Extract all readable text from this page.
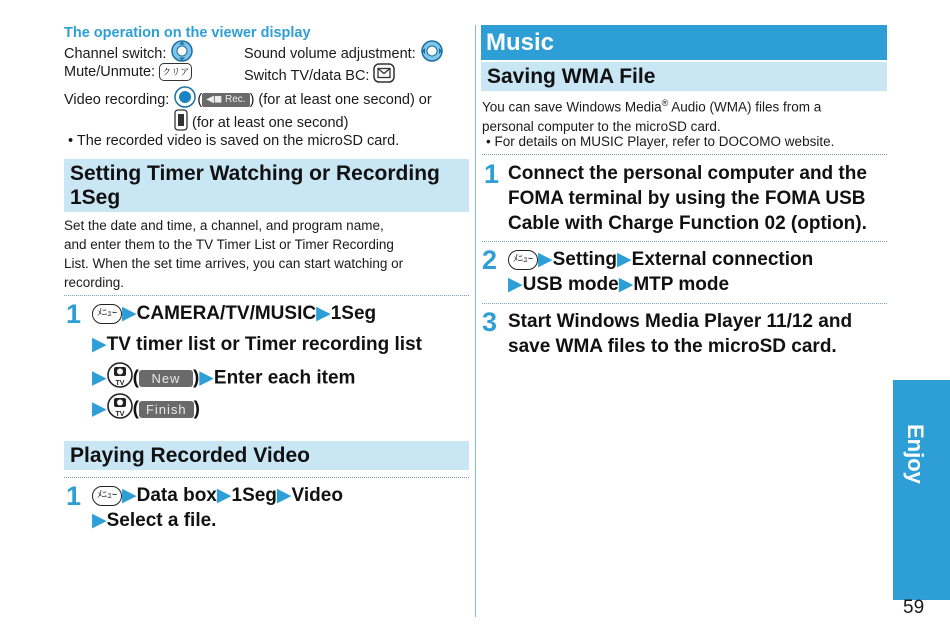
The operation on the viewer display
Channel switch:	Sound volume adjustment:
Mute/Unmute: クリア	Switch TV/data BC:
Video recording: ( ◀◼ Rec. ) (for at least one second) or
(for at least one second)
• The recorded video is saved on the microSD card.
Setting Timer Watching or Recording
1Seg
Set the date and time, a channel, and program name,
and enter them to the TV Timer List or Timer Recording
List. When the set time arrives, you can start watching or
recording.
1	ﾒﾆｭｰ ▶CAMERA/TV/MUSIC▶1Seg
▶TV timer list or Timer recording list
▶ TV ( New )▶Enter each item
▶ TV ( Finish )
Playing Recorded Video
1	ﾒﾆｭｰ ▶Data box▶1Seg▶Video
▶Select a file.
Music
Saving WMA File
You can save Windows Media® Audio (WMA) files from a
personal computer to the microSD card.
• For details on MUSIC Player, refer to DOCOMO website.
1 Connect the personal computer and the
FOMA terminal by using the FOMA USB
Cable with Charge Function 02 (option).
2	ﾒﾆｭｰ ▶Setting▶External connection
▶USB mode▶MTP mode
3 Start Windows Media Player 11/12 and
save WMA files to the microSD card.
Enjoy
59
